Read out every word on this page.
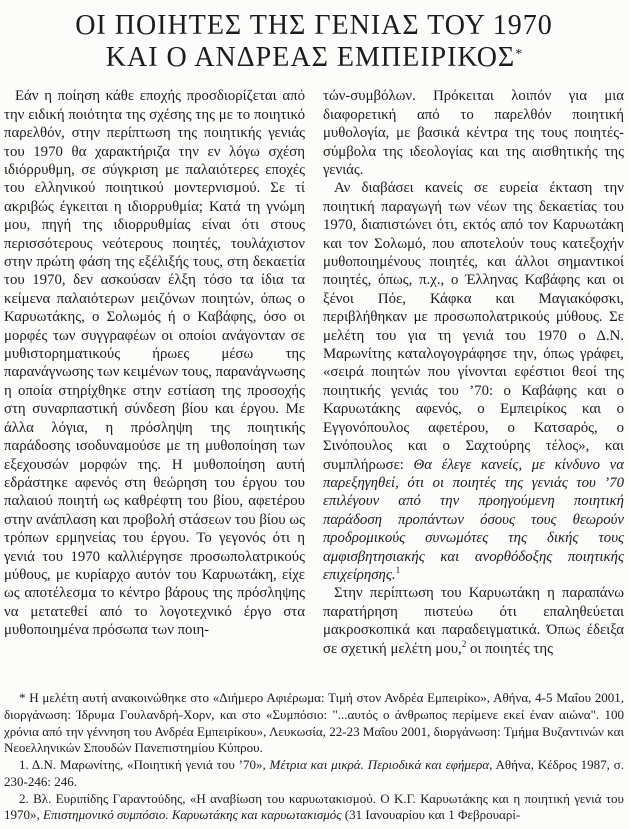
ΟΙ ΠΟΙΗΤΕΣ ΤΗΣ ΓΕΝΙΑΣ ΤΟΥ 1970
ΚΑΙ Ο ΑΝΔΡΕΑΣ ΕΜΠΕΙΡΙΚΟΣ*

Εάν η ποίηση κάθε εποχής προσδιορίζεται από την ειδική ποιότητα της σχέσης της με το ποιητικό παρελθόν, στην περίπτωση της ποιητικής γενιάς του 1970 θα χαρακτήριζα την εν λόγω σχέση ιδιόρρυθμη, σε σύγκριση με παλαιότερες εποχές του ελληνικού ποιητικού μοντερνισμού. Σε τί ακριβώς έγκειται η ιδιορρυθμία; Κατά τη γνώμη μου, πηγή της ιδιορρυθμίας είναι ότι στους περισσότερους νεότερους ποιητές, τουλάχιστον στην πρώτη φάση της εξέλιξής τους, στη δεκαετία του 1970, δεν ασκούσαν έλξη τόσο τα ίδια τα κείμενα παλαιότερων μειζόνων ποιητών, όπως ο Καρυωτάκης, ο Σολωμός ή ο Καβάφης, όσο οι μορφές των συγγραφέων οι οποίοι ανάγονταν σε μυθιστορηματικούς ήρωες μέσω της παρανάγνωσης των κειμένων τους, παρανάγνωσης η οποία στηρίχθηκε στην εστίαση της προσοχής στη συναρπαστική σύνδεση βίου και έργου. Με άλλα λόγια, η πρόσληψη της ποιητικής παράδοσης ισοδυναμούσε με τη μυθοποίηση των εξεχουσών μορφών της. Η μυθοποίηση αυτή εδράστηκε αφενός στη θεώρηση του έργου του παλαιού ποιητή ως καθρέφτη του βίου, αφετέρου στην ανάπλαση και προβολή στάσεων του βίου ως τρόπων ερμηνείας του έργου. Το γεγονός ότι η γενιά του 1970 καλλιέργησε προσωπολατρικούς μύθους, με κυρίαρχο αυτόν του Καρυωτάκη, είχε ως αποτέλεσμα το κέντρο βάρους της πρόσληψης να μετατεθεί από το λογοτεχνικό έργο στα μυθοποιημένα πρόσωπα των ποιη-

τών-συμβόλων. Πρόκειται λοιπόν για μια διαφορετική από το παρελθόν ποιητική μυθολογία, με βασικά κέντρα της τους ποιητές-σύμβολα της ιδεολογίας και της αισθητικής της γενιάς.

Αν διαβάσει κανείς σε ευρεία έκταση την ποιητική παραγωγή των νέων της δεκαετίας του 1970, διαπιστώνει ότι, εκτός από τον Καρυωτάκη και τον Σολωμό, που αποτελούν τους κατεξοχήν μυθοποιημένους ποιητές, και άλλοι σημαντικοί ποιητές, όπως, π.χ., ο Έλληνας Καβάφης και οι ξένοι Πόε, Κάφκα και Μαγιακόφσκι, περιβλήθηκαν με προσωπολατρικούς μύθους. Σε μελέτη του για τη γενιά του 1970 ο Δ.Ν. Μαρωνίτης καταλογογράφησε την, όπως γράφει, «σειρά ποιητών που γίνονται εφέστιοι θεοί της ποιητικής γενιάς του ’70: ο Καβάφης και ο Καρυωτάκης αφενός, ο Εμπειρίκος και ο Εγγονόπουλος αφετέρου, ο Κατσαρός, ο Σινόπουλος και ο Σαχτούρης τέλος», και συμπλήρωσε: Θα έλεγε κανείς, με κίνδυνο να παρεξηγηθεί, ότι οι ποιητές της γενιάς του ’70 επιλέγουν από την προηγούμενη ποιητική παράδοση προπάντων όσους τους θεωρούν προδρομικούς συνωμότες της δικής τους αμφισβητησιακής και ανορθόδοξης ποιητικής επιχείρησης.$^1$

Στην περίπτωση του Καρυωτάκη η παραπάνω παρατήρηση πιστεύω ότι επαληθεύεται μακροσκοπικά και παραδειγματικά. Όπως έδειξα σε σχετική μελέτη μου,$^2$ οι ποιητές της

* Η μελέτη αυτή ανακοινώθηκε στο «Διήμερο Αφιέρωμα: Τιμή στον Ανδρέα Εμπειρίκο», Αθήνα, 4-5 Μαΐου 2001, διοργάνωση: Ίδρυμα Γουλανδρή-Χορν, και στο «Συμπόσιο: "...αυτός ο άνθρωπος περίμενε εκεί έναν αιώνα". 100 χρόνια από την γέννηση του Ανδρέα Εμπειρίκου», Λευκωσία, 22-23 Μαΐου 2001, διοργάνωση: Τμήμα Βυζαντινών και Νεοελληνικών Σπουδών Πανεπιστημίου Κύπρου.

1. Δ.Ν. Μαρωνίτης, «Ποιητική γενιά του ’70», Μέτρια και μικρά. Περιοδικά και εφήμερα, Αθήνα, Κέδρος 1987, σ. 230-246: 246.

2. Βλ. Ευριπίδης Γαραντούδης, «Η αναβίωση του καρυωτακισμού. Ο Κ.Γ. Καρυωτάκης και η ποιητική γενιά του 1970», Επιστημονικό συμπόσιο. Καρυωτάκης και καρυωτακισμός (31 Ιανουαρίου και 1 Φεβρουαρί-
